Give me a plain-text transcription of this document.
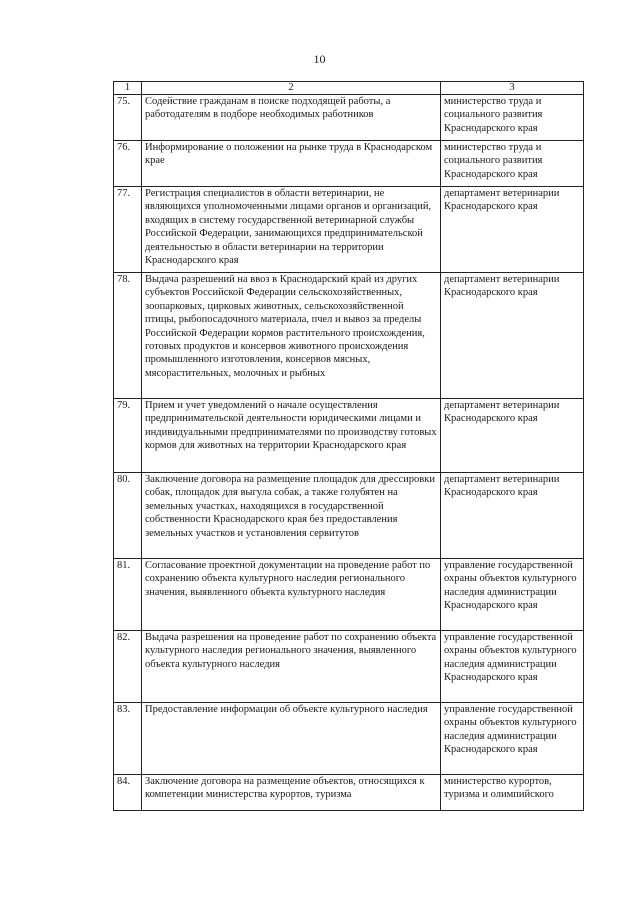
10
1	2	3
75.	Содействие гражданам в поиске подходящей работы, а работодателям в подборе необходимых работников	министерство труда и социального развития Краснодарского края
76.	Информирование о положении на рынке труда в Краснодарском крае	министерство труда и социального развития Краснодарского края
77.	Регистрация специалистов в области ветеринарии, не являющихся уполномоченными лицами органов и организаций, входящих в систему государственной ветеринарной службы Российской Федерации, занимающихся предпринимательской деятельностью в области ветеринарии на территории Краснодарского края	департамент ветеринарии Краснодарского края
78.	Выдача разрешений на ввоз в Краснодарский край из других субъектов Российской Федерации сельскохозяйственных, зоопарковых, цирковых животных, сельскохозяйственной птицы, рыбопосадочного материала, пчел и вывоз за пределы Российской Федерации кормов растительного происхождения, готовых продуктов и консервов животного происхождения промышленного изготовления, консервов мясных, мясорастительных, молочных и рыбных	департамент ветеринарии Краснодарского края
79.	Прием и учет уведомлений о начале осуществления предпринимательской деятельности юридическими лицами и индивидуальными предпринимателями по производству готовых кормов для животных на территории Краснодарского края	департамент ветеринарии Краснодарского края
80.	Заключение договора на размещение площадок для дрессировки собак, площадок для выгула собак, а также голубятен на земельных участках, находящихся в государственной собственности Краснодарского края без предоставления земельных участков и установления сервитутов	департамент ветеринарии Краснодарского края
81.	Согласование проектной документации на проведение работ по сохранению объекта культурного наследия регионального значения, выявленного объекта культурного наследия	управление государственной охраны объектов культурного наследия администрации Краснодарского края
82.	Выдача разрешения на проведение работ по сохранению объекта культурного наследия регионального значения, выявленного объекта культурного наследия	управление государственной охраны объектов культурного наследия администрации Краснодарского края
83.	Предоставление информации об объекте культурного наследия	управление государственной охраны объектов культурного наследия администрации Краснодарского края
84.	Заключение договора на размещение объектов, относящихся к компетенции министерства курортов, туризма	министерство курортов, туризма и олимпийского
